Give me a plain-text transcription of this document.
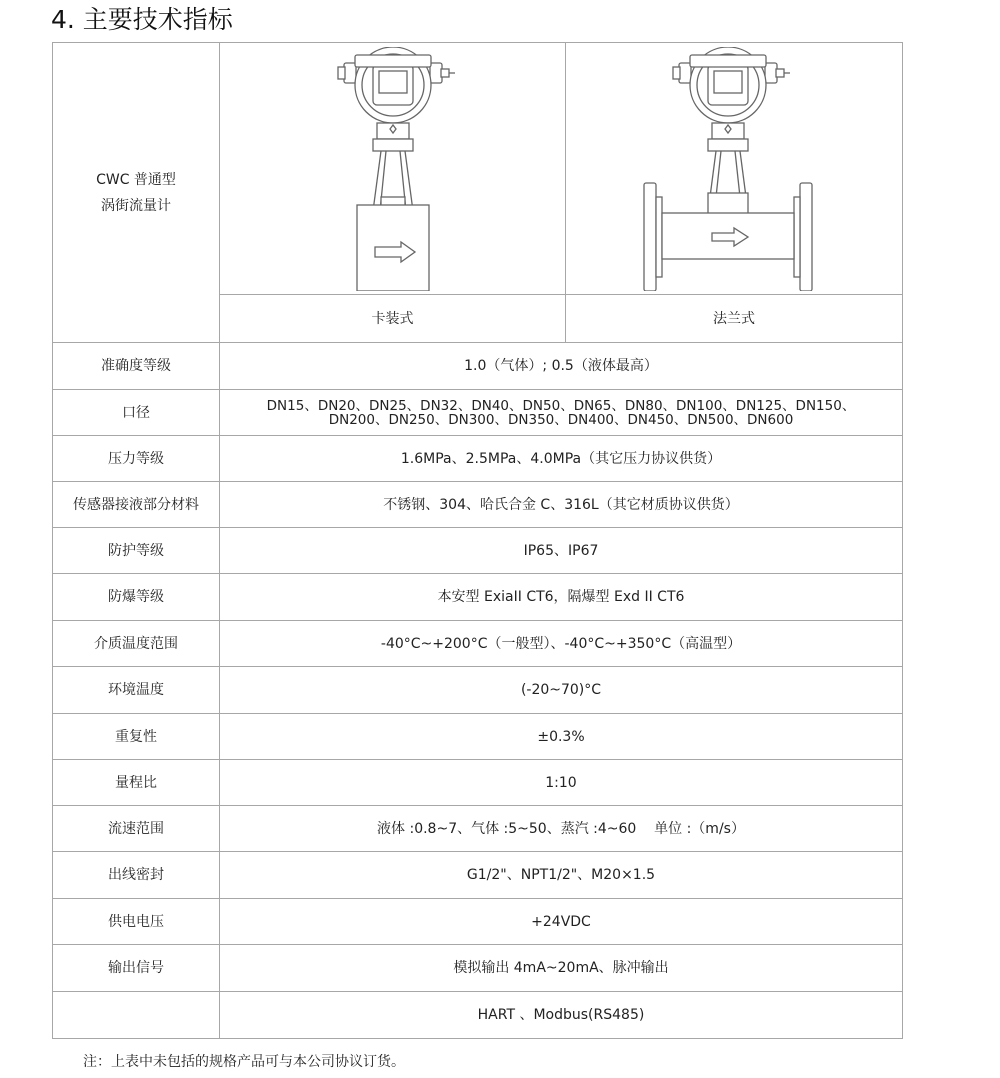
4. 主要技术指标
CWC 普通型
涡街流量计

	卡装式	法兰式
准确度等级	1.0（气体）; 0.5（液体最高）	
口径	DN15、DN20、DN25、DN32、DN40、DN50、DN65、DN80、DN100、DN125、DN150、
DN200、DN250、DN300、DN350、DN400、DN450、DN500、DN600	

压力等级	1.6MPa、2.5MPa、4.0MPa（其它压力协议供货）	
传感器接液部分材料	不锈钢、304、哈氏合金 C、316L（其它材质协议供货）	
防护等级	IP65、IP67	
防爆等级	本安型 ExiaII CT6，隔爆型 Exd II CT6	
介质温度范围	-40°C~+200°C（一般型）、-40°C~+350°C（高温型）	
环境温度	(-20~70)°C	
重复性	±0.3%	
量程比	1:10	
流速范围	液体 :0.8~7、气体 :5~50、蒸汽 :4~60    单位 :（m/s）	
出线密封	G1/2"、NPT1/2"、M20×1.5	
供电电压	+24VDC	
输出信号	模拟输出 4mA~20mA、脉冲输出	
	HART 、Modbus(RS485)	
注：上表中未包括的规格产品可与本公司协议订货。
